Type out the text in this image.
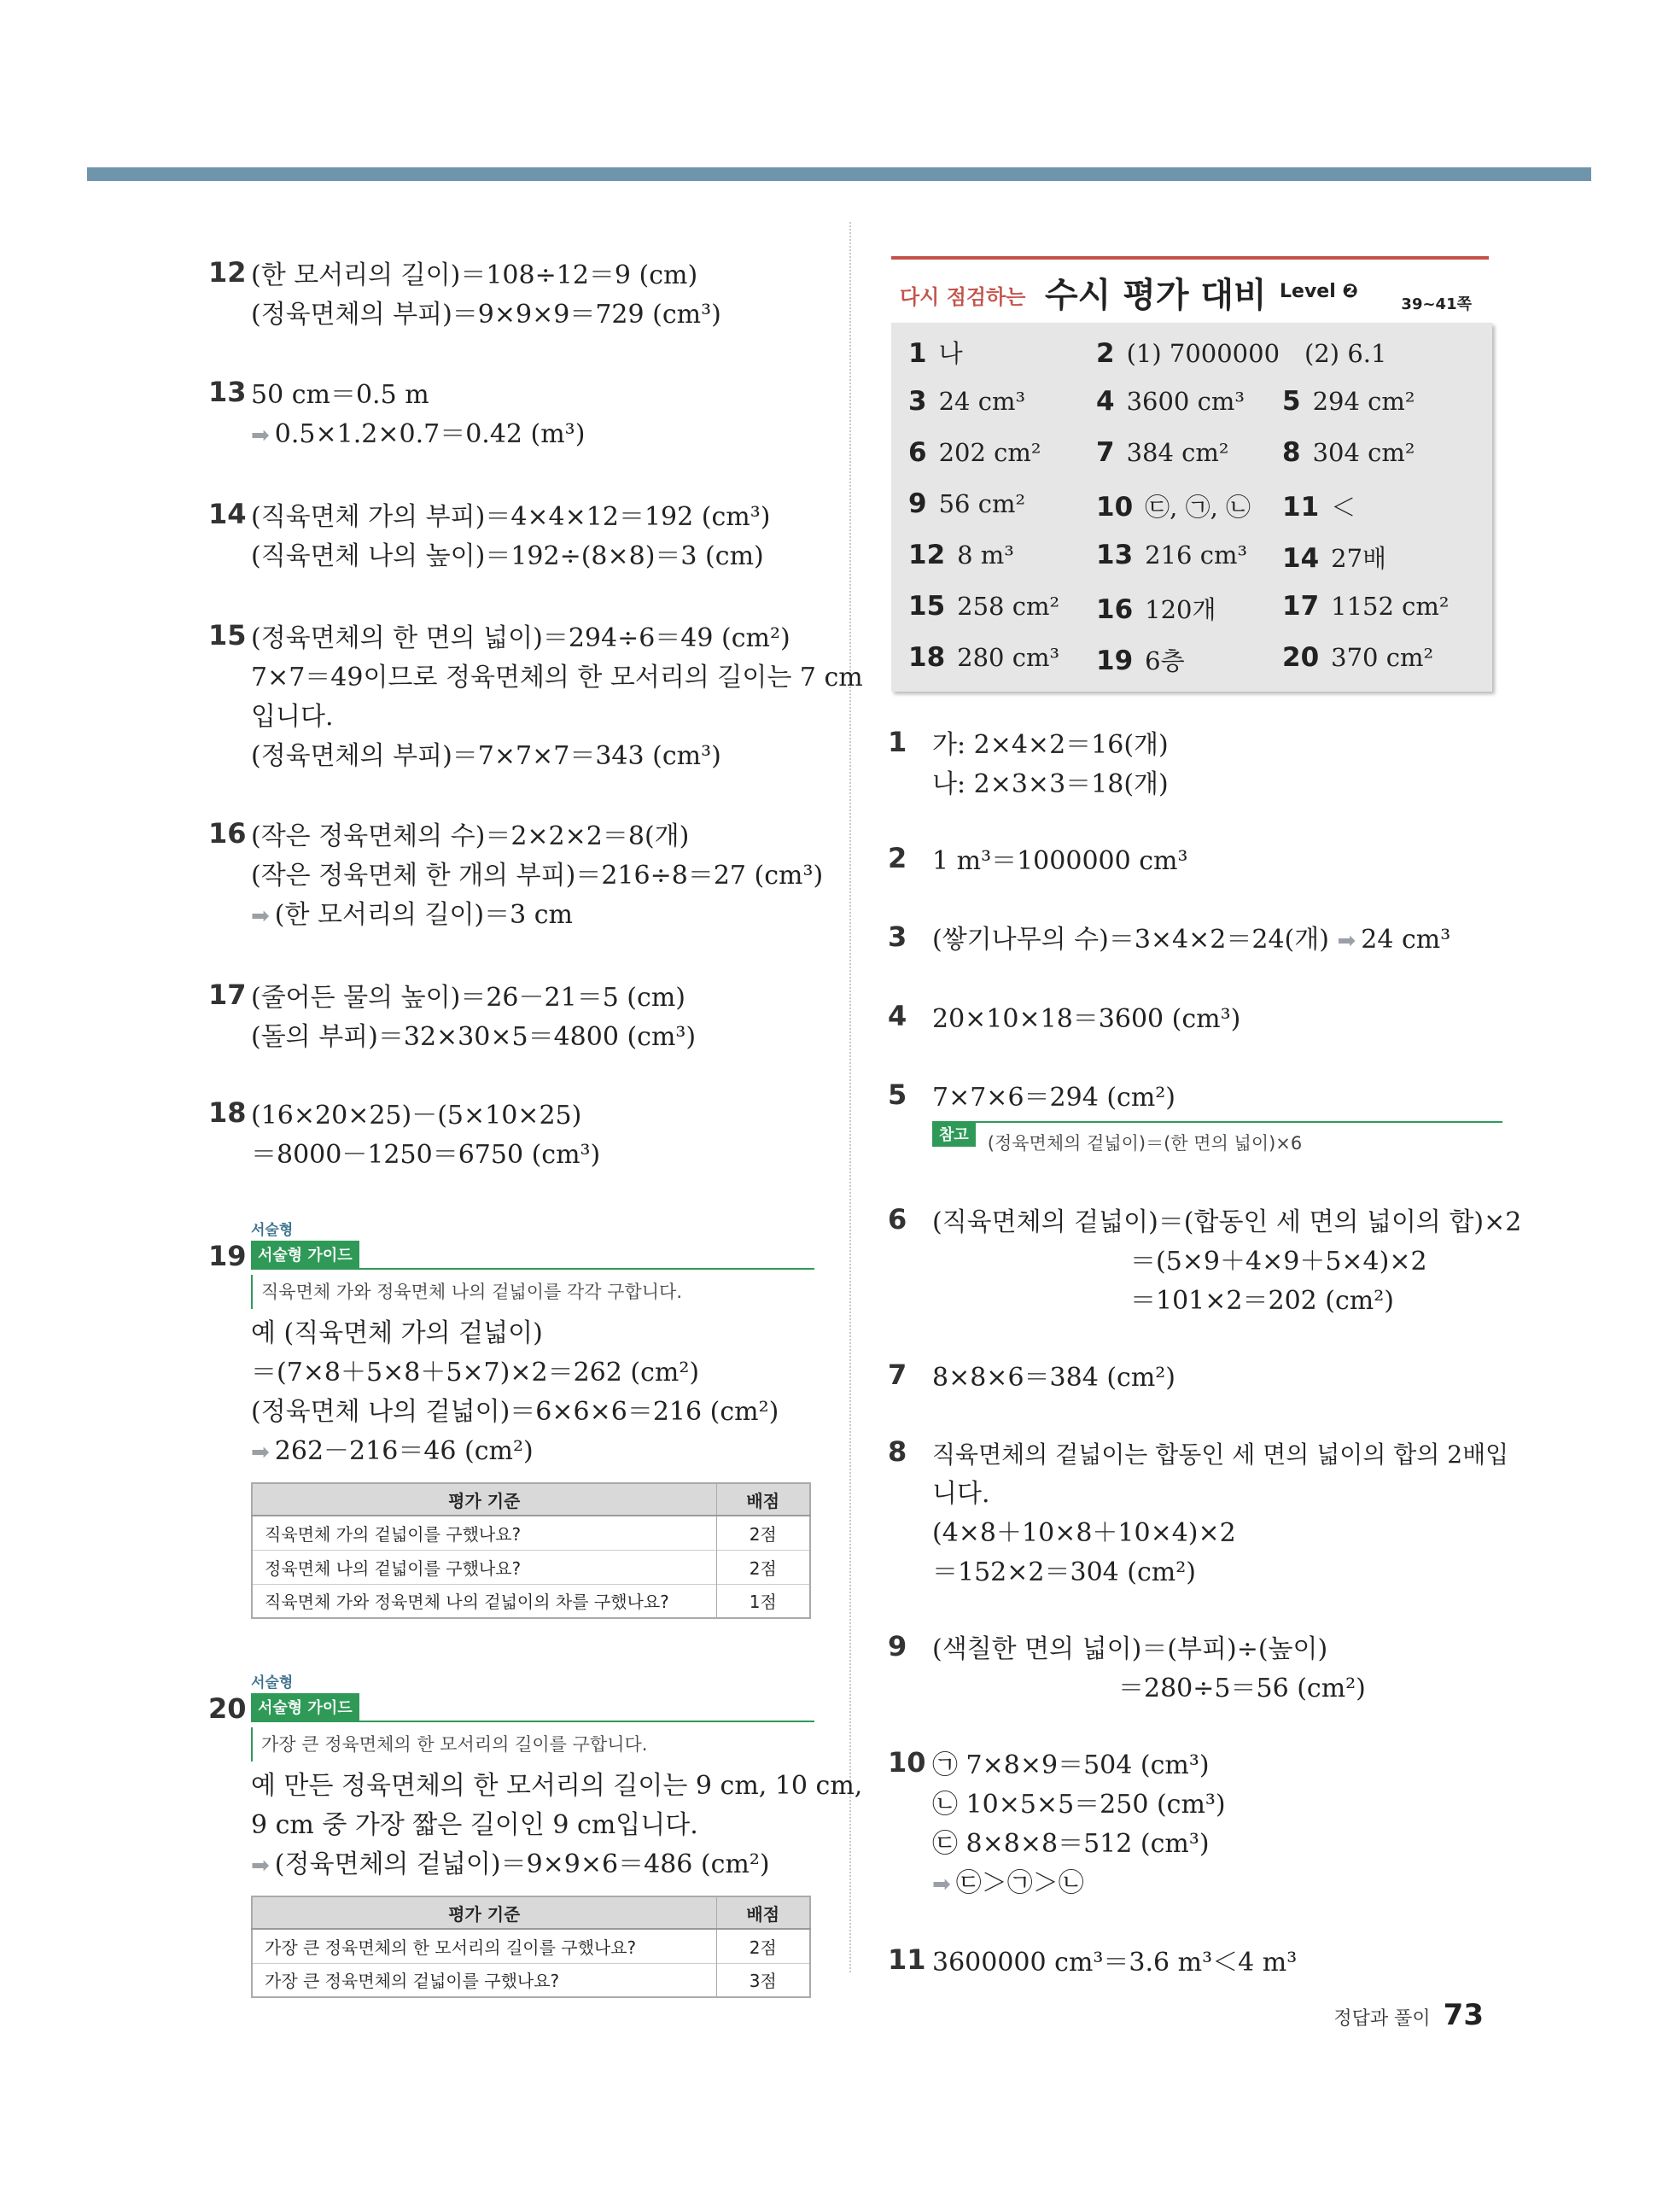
12 (한 모서리의 길이)＝108÷12＝9 (cm)
(정육면체의 부피)＝9×9×9＝729 (cm³)
13 50 cm＝0.5 m
➡ 0.5×1.2×0.7＝0.42 (m³)
14 (직육면체 가의 부피)＝4×4×12＝192 (cm³)
(직육면체 나의 높이)＝192÷(8×8)＝3 (cm)
15 (정육면체의 한 면의 넓이)＝294÷6＝49 (cm²)
7×7＝49이므로 정육면체의 한 모서리의 길이는 7 cm
입니다.
(정육면체의 부피)＝7×7×7＝343 (cm³)
16 (작은 정육면체의 수)＝2×2×2＝8(개)
(작은 정육면체 한 개의 부피)＝216÷8＝27 (cm³)
➡ (한 모서리의 길이)＝3 cm
17 (줄어든 물의 높이)＝26－21＝5 (cm)
(돌의 부피)＝32×30×5＝4800 (cm³)
18 (16×20×25)－(5×10×25)
＝8000－1250＝6750 (cm³)
서술형
19 서술형 가이드
직육면체 가와 정육면체 나의 겉넓이를 각각 구합니다.
예 (직육면체 가의 겉넓이)
＝(7×8＋5×8＋5×7)×2＝262 (cm²)
(정육면체 나의 겉넓이)＝6×6×6＝216 (cm²)
➡ 262－216＝46 (cm²)
평가 기준	배점
직육면체 가의 겉넓이를 구했나요?	2점
정육면체 나의 겉넓이를 구했나요?	2점
직육면체 가와 정육면체 나의 겉넓이의 차를 구했나요?	1점
서술형
20 서술형 가이드
가장 큰 정육면체의 한 모서리의 길이를 구합니다.
예 만든 정육면체의 한 모서리의 길이는 9 cm, 10 cm,
9 cm 중 가장 짧은 길이인 9 cm입니다.
➡ (정육면체의 겉넓이)＝9×9×6＝486 (cm²)
평가 기준	배점
가장 큰 정육면체의 한 모서리의 길이를 구했나요?	2점
가장 큰 정육면체의 겉넓이를 구했나요?	3점
다시 점검하는 수시 평가 대비 Level ❷
39~41쪽
1 나	2 (1) 7000000　(2) 6.1
3 24 cm³	4 3600 cm³ 5 294 cm²
6 202 cm² 7 384 cm² 8 304 cm²
9 56 cm²	10 ㉢, ㉠, ㉡ 11 ＜
12 8 m³	13 216 cm³ 14 27배
15 258 cm² 16 120개 17 1152 cm²
18 280 cm³ 19 6층	20 370 cm²
1 가: 2×4×2＝16(개)
나: 2×3×3＝18(개)
2 1 m³＝1000000 cm³
3 (쌓기나무의 수)＝3×4×2＝24(개) ➡ 24 cm³
4 20×10×18＝3600 (cm³)
5 7×7×6＝294 (cm²)
참고	(정육면체의 겉넓이)＝(한 면의 넓이)×6
6 (직육면체의 겉넓이)＝(합동인 세 면의 넓이의 합)×2
＝(5×9＋4×9＋5×4)×2
＝101×2＝202 (cm²)
7 8×8×6＝384 (cm²)
8 직육면체의 겉넓이는 합동인 세 면의 넓이의 합의 2배입
니다.
(4×8＋10×8＋10×4)×2
＝152×2＝304 (cm²)
9 (색칠한 면의 넓이)＝(부피)÷(높이)
＝280÷5＝56 (cm²)
10 ㉠ 7×8×9＝504 (cm³)
㉡ 10×5×5＝250 (cm³)
㉢ 8×8×8＝512 (cm³)
➡ ㉢＞㉠＞㉡
11 3600000 cm³＝3.6 m³＜4 m³
정답과 풀이 73
